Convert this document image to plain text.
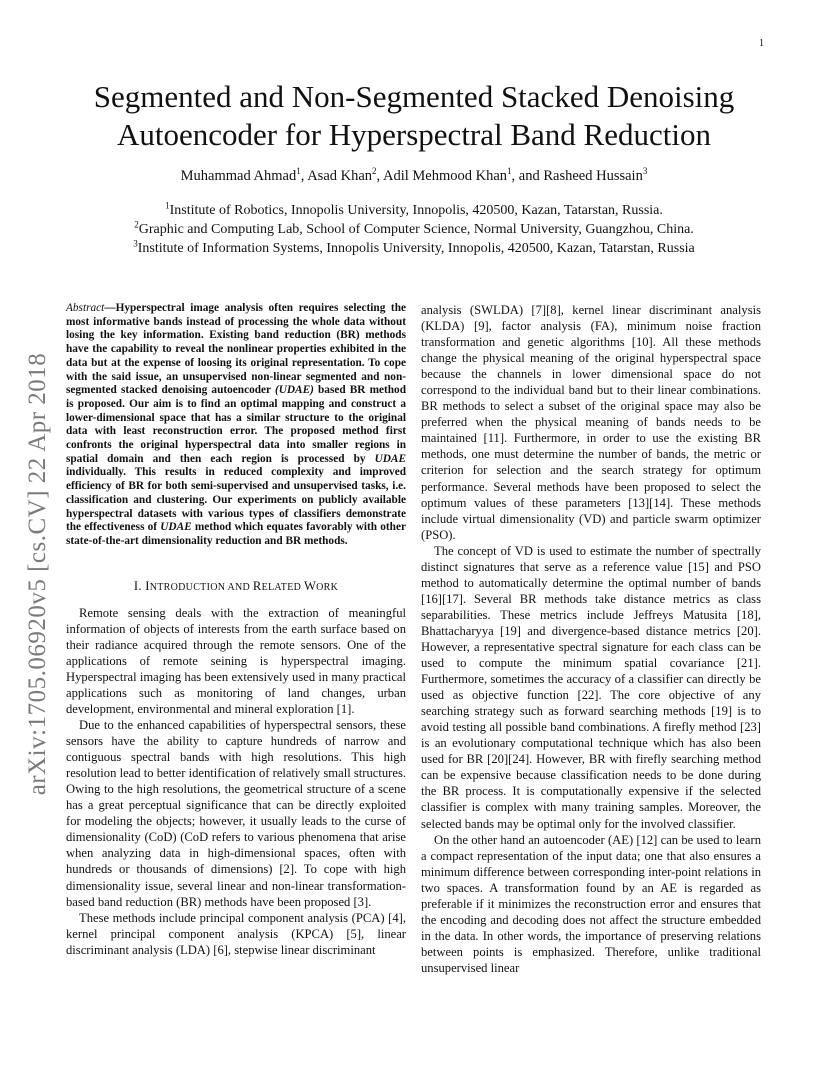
1
arXiv:1705.06920v5 [cs.CV] 22 Apr 2018
Segmented and Non-Segmented Stacked Denoising
Autoencoder for Hyperspectral Band Reduction
Muhammad Ahmad$^1$, Asad Khan$^2$, Adil Mehmood Khan$^1$, and Rasheed Hussain$^3$
$^1$Institute of Robotics, Innopolis University, Innopolis, 420500, Kazan, Tatarstan, Russia.
$^2$Graphic and Computing Lab, School of Computer Science, Normal University, Guangzhou, China.
$^3$Institute of Information Systems, Innopolis University, Innopolis, 420500, Kazan, Tatarstan, Russia

Abstract—Hyperspectral image analysis often requires selecting the most informative bands instead of processing the whole data without losing the key information. Existing band reduction (BR) methods have the capability to reveal the nonlinear properties exhibited in the data but at the expense of loosing its original representation. To cope with the said issue, an unsupervised non-linear segmented and non-segmented stacked denoising autoencoder (UDAE) based BR method is proposed. Our aim is to find an optimal mapping and construct a lower-dimensional space that has a similar structure to the original data with least reconstruction error. The proposed method first confronts the original hyperspectral data into smaller regions in spatial domain and then each region is processed by UDAE individually. This results in reduced complexity and improved efficiency of BR for both semi-supervised and unsupervised tasks, i.e. classification and clustering. Our experiments on publicly available hyperspectral datasets with various types of classifiers demonstrate the effectiveness of UDAE method which equates favorably with other state-of-the-art dimensionality reduction and BR methods.

I. INTRODUCTION AND RELATED WORK

Remote sensing deals with the extraction of meaningful information of objects of interests from the earth surface based on their radiance acquired through the remote sensors. One of the applications of remote seining is hyperspectral imaging. Hyperspectral imaging has been extensively used in many practical applications such as monitoring of land changes, urban development, environmental and mineral exploration [1].

Due to the enhanced capabilities of hyperspectral sensors, these sensors have the ability to capture hundreds of narrow and contiguous spectral bands with high resolutions. This high resolution lead to better identification of relatively small structures. Owing to the high resolutions, the geometrical structure of a scene has a great perceptual significance that can be directly exploited for modeling the objects; however, it usually leads to the curse of dimensionality (CoD) (CoD refers to various phenomena that arise when analyzing data in high-dimensional spaces, often with hundreds or thousands of dimensions) [2]. To cope with high dimensionality issue, several linear and non-linear transformation-based band reduction (BR) methods have been proposed [3].

These methods include principal component analysis (PCA) [4], kernel principal component analysis (KPCA) [5], linear discriminant analysis (LDA) [6], stepwise linear discriminant

analysis (SWLDA) [7][8], kernel linear discriminant analysis (KLDA) [9], factor analysis (FA), minimum noise fraction transformation and genetic algorithms [10]. All these methods change the physical meaning of the original hyperspectral space because the channels in lower dimensional space do not correspond to the individual band but to their linear combinations. BR methods to select a subset of the original space may also be preferred when the physical meaning of bands needs to be maintained [11]. Furthermore, in order to use the existing BR methods, one must determine the number of bands, the metric or criterion for selection and the search strategy for optimum performance. Several methods have been proposed to select the optimum values of these parameters [13][14]. These methods include virtual dimensionality (VD) and particle swarm optimizer (PSO).

The concept of VD is used to estimate the number of spectrally distinct signatures that serve as a reference value [15] and PSO method to automatically determine the optimal number of bands [16][17]. Several BR methods take distance metrics as class separabilities. These metrics include Jeffreys Matusita [18], Bhattacharyya [19] and divergence-based distance metrics [20]. However, a representative spectral signature for each class can be used to compute the minimum spatial covariance [21]. Furthermore, sometimes the accuracy of a classifier can directly be used as objective function [22]. The core objective of any searching strategy such as forward searching methods [19] is to avoid testing all possible band combinations. A firefly method [23] is an evolutionary computational technique which has also been used for BR [20][24]. However, BR with firefly searching method can be expensive because classification needs to be done during the BR process. It is computationally expensive if the selected classifier is complex with many training samples. Moreover, the selected bands may be optimal only for the involved classifier.

On the other hand an autoencoder (AE) [12] can be used to learn a compact representation of the input data; one that also ensures a minimum difference between corresponding inter-point relations in two spaces. A transformation found by an AE is regarded as preferable if it minimizes the reconstruction error and ensures that the encoding and decoding does not affect the structure embedded in the data. In other words, the importance of preserving relations between points is emphasized. Therefore, unlike traditional unsupervised linear
